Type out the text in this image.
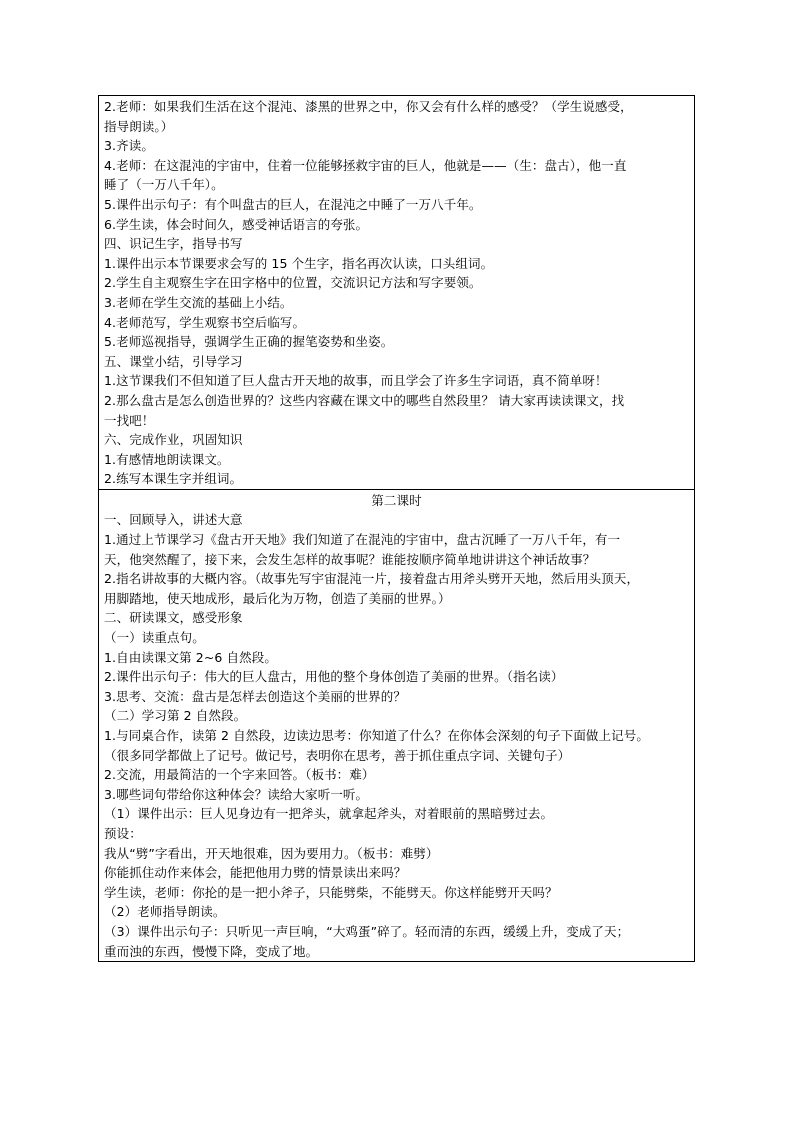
2.老师：如果我们生活在这个混沌、漆黑的世界之中，你又会有什么样的感受？（学生说感受，
指导朗读。）
3.齐读。
4.老师：在这混沌的宇宙中，住着一位能够拯救宇宙的巨人，他就是——（生：盘古），他一直
睡了（一万八千年）。
5.课件出示句子：有个叫盘古的巨人，在混沌之中睡了一万八千年。
6.学生读，体会时间久，感受神话语言的夸张。
四、识记生字，指导书写
1.课件出示本节课要求会写的 15 个生字，指名再次认读，口头组词。
2.学生自主观察生字在田字格中的位置，交流识记方法和写字要领。
3.老师在学生交流的基础上小结。
4.老师范写，学生观察书空后临写。
5.老师巡视指导，强调学生正确的握笔姿势和坐姿。
五、课堂小结，引导学习
1.这节课我们不但知道了巨人盘古开天地的故事，而且学会了许多生字词语，真不简单呀！
2.那么盘古是怎么创造世界的？这些内容藏在课文中的哪些自然段里？ 请大家再读读课文，找
一找吧！
六、完成作业，巩固知识
1.有感情地朗读课文。
2.练写本课生字并组词。
第二课时
一、回顾导入，讲述大意
1.通过上节课学习《盘古开天地》我们知道了在混沌的宇宙中，盘古沉睡了一万八千年，有一
天，他突然醒了，接下来，会发生怎样的故事呢？谁能按顺序简单地讲讲这个神话故事？
2.指名讲故事的大概内容。（故事先写宇宙混沌一片，接着盘古用斧头劈开天地，然后用头顶天，
用脚踏地，使天地成形，最后化为万物，创造了美丽的世界。）
二、研读课文，感受形象
（一）读重点句。
1.自由读课文第 2~6 自然段。
2.课件出示句子：伟大的巨人盘古，用他的整个身体创造了美丽的世界。（指名读）
3.思考、交流：盘古是怎样去创造这个美丽的世界的？
（二）学习第 2 自然段。
1.与同桌合作，读第 2 自然段，边读边思考：你知道了什么？在你体会深刻的句子下面做上记号。
（很多同学都做上了记号。做记号，表明你在思考，善于抓住重点字词、关键句子）
2.交流，用最简洁的一个字来回答。（板书：难）
3.哪些词句带给你这种体会？读给大家听一听。
（1）课件出示：巨人见身边有一把斧头，就拿起斧头，对着眼前的黑暗劈过去。
预设：
我从“劈”字看出，开天地很难，因为要用力。（板书：难劈）
你能抓住动作来体会，能把他用力劈的情景读出来吗？
学生读，老师：你抡的是一把小斧子，只能劈柴，不能劈天。你这样能劈开天吗？
（2）老师指导朗读。
（3）课件出示句子：只听见一声巨响，“大鸡蛋”碎了。轻而清的东西，缓缓上升，变成了天；
重而浊的东西，慢慢下降，变成了地。
